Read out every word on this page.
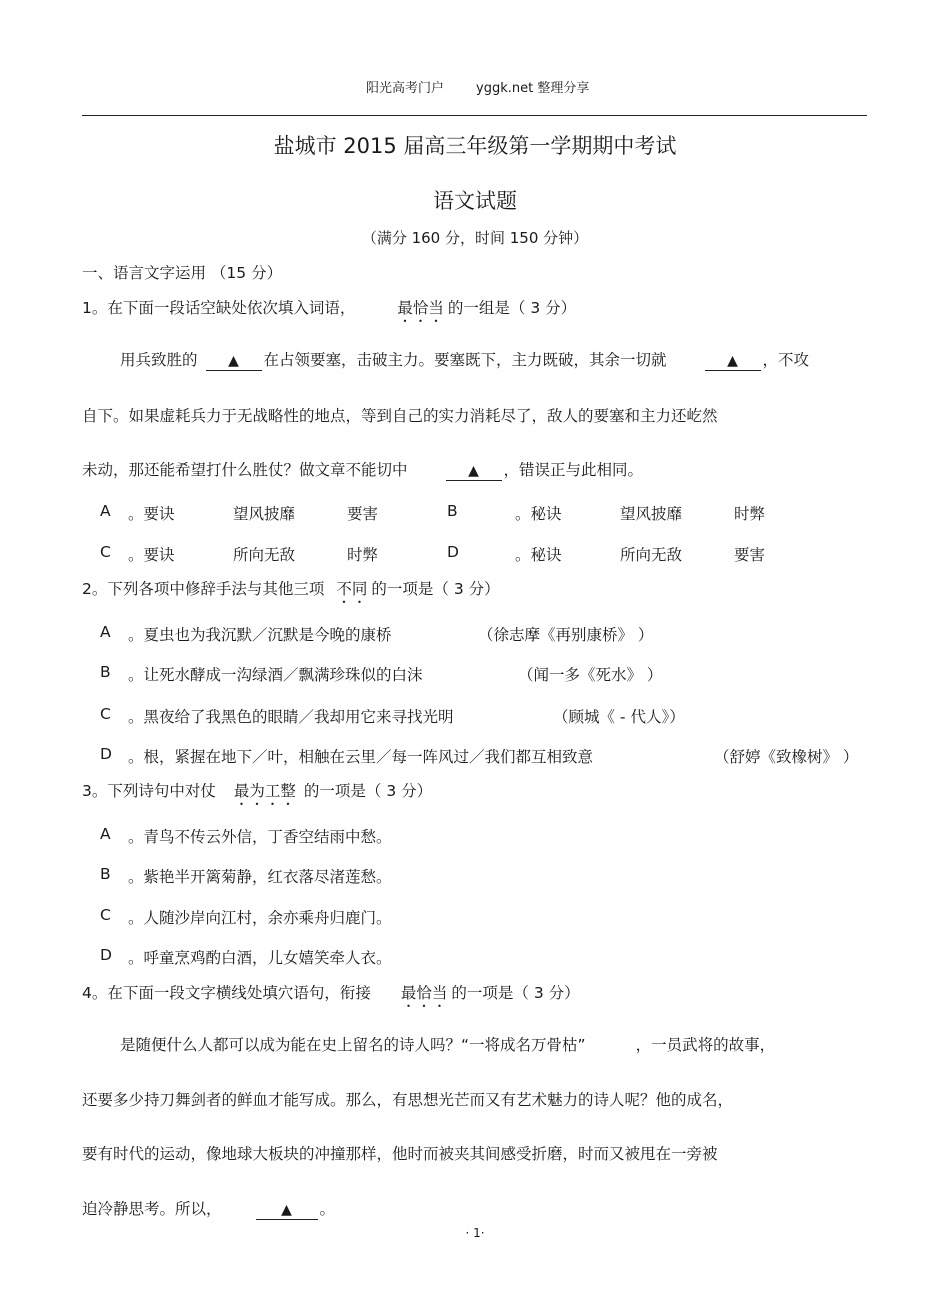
阳光高考门户 yggk.net 整理分享
盐城市 2015 届高三年级第一学期期中考试
语文试题
（满分 160 分，时间 150 分钟）
一、语言文字运用 （15 分）
1。在下面一段话空缺处依次填入词语，	最恰当 的一组是（ 3 分）
用兵致胜的 ▲ 在占领要塞，击破主力。要塞既下，主力既破，其余一切就	▲ ，不攻
自下。如果虚耗兵力于无战略性的地点，等到自己的实力消耗尽了，敌人的要塞和主力还屹然
未动，那还能希望打什么胜仗？做文章不能切中	▲ ，错误正与此相同。
A 。要诀	望风披靡	要害	B	。秘诀	望风披靡	时弊
C 。要诀	所向无敌	时弊	D	。秘诀	所向无敌	要害
2。下列各项中修辞手法与其他三项 不同 的一项是（ 3 分）
A 。夏虫也为我沉默／沉默是今晚的康桥	（徐志摩《再别康桥》 ）
B 。让死水酵成一沟绿酒／飘满珍珠似的白沫	（闻一多《死水》 ）
C 。黑夜给了我黑色的眼睛／我却用它来寻找光明	（顾城《 - 代人》）
D 。根，紧握在地下／叶，相触在云里／每一阵风过／我们都互相致意	（舒婷《致橡树》 ）
3。下列诗句中对仗 最为工整 的一项是（ 3 分）
A 。青鸟不传云外信，丁香空结雨中愁。
B 。紫艳半开篱菊静，红衣落尽渚莲愁。
C 。人随沙岸向江村，余亦乘舟归鹿门。
D 。呼童烹鸡酌白酒，儿女嬉笑牵人衣。
4。在下面一段文字横线处填穴语句，衔接 最恰当 的一项是（ 3 分）
是随便什么人都可以成为能在史上留名的诗人吗？“一将成名万骨枯”	，一员武将的故事，
还要多少持刀舞剑者的鲜血才能写成。那么，有思想光芒而又有艺术魅力的诗人呢？他的成名，
要有时代的运动，像地球大板块的冲撞那样，他时而被夹其间感受折磨，时而又被甩在一旁被
迫冷静思考。所以，	▲ 。
· 1·
